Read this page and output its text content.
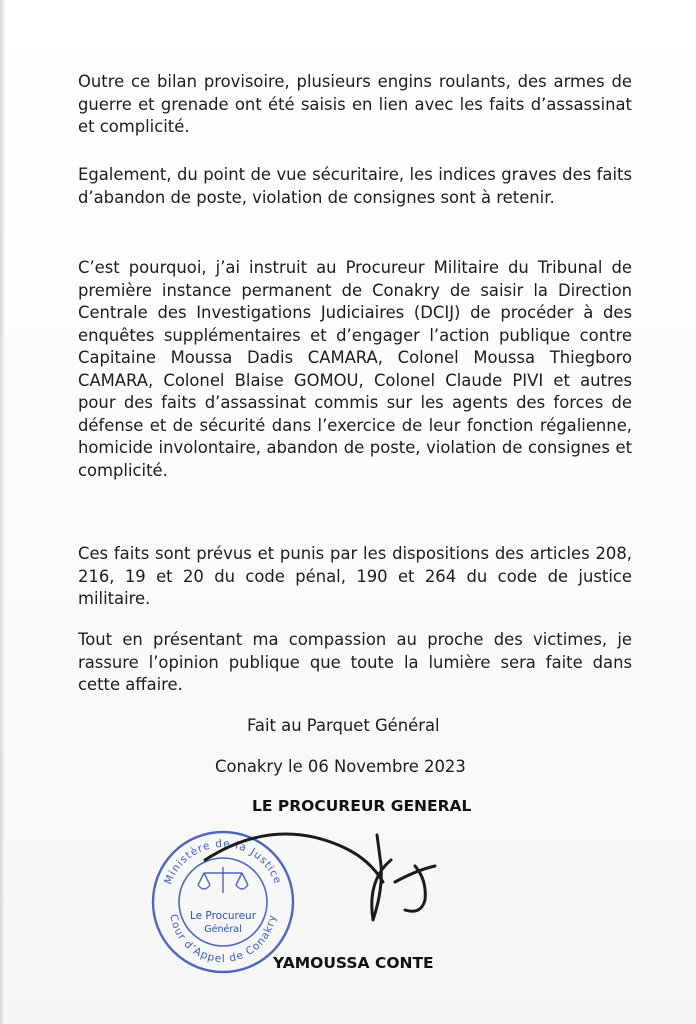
Outre ce bilan provisoire, plusieurs engins roulants, des armes de guerre et grenade ont été saisis en lien avec les faits d’assassinat et complicité.

Egalement, du point de vue sécuritaire, les indices graves des faits d’abandon de poste, violation de consignes sont à retenir.

C’est pourquoi, j’ai instruit au Procureur Militaire du Tribunal de première instance permanent de Conakry de saisir la Direction Centrale des Investigations Judiciaires (DCIJ) de procéder à des enquêtes supplémentaires et d’engager l’action publique contre Capitaine Moussa Dadis CAMARA, Colonel Moussa Thiegboro CAMARA, Colonel Blaise GOMOU, Colonel Claude PIVI et autres pour des faits d’assassinat commis sur les agents des forces de défense et de sécurité dans l’exercice de leur fonction régalienne, homicide involontaire, abandon de poste, violation de consignes et complicité.

Ces faits sont prévus et punis par les dispositions des articles 208, 216, 19 et 20 du code pénal, 190 et 264 du code de justice militaire.

Tout en présentant ma compassion au proche des victimes, je rassure l’opinion publique que toute la lumière sera faite dans cette affaire.

Fait au Parquet Général
Conakry le 06 Novembre 2023
LE PROCUREUR GENERAL
Ministère de la Justice
Cour d’Appel de Conakry
Le Procureur
Général
YAMOUSSA CONTE
